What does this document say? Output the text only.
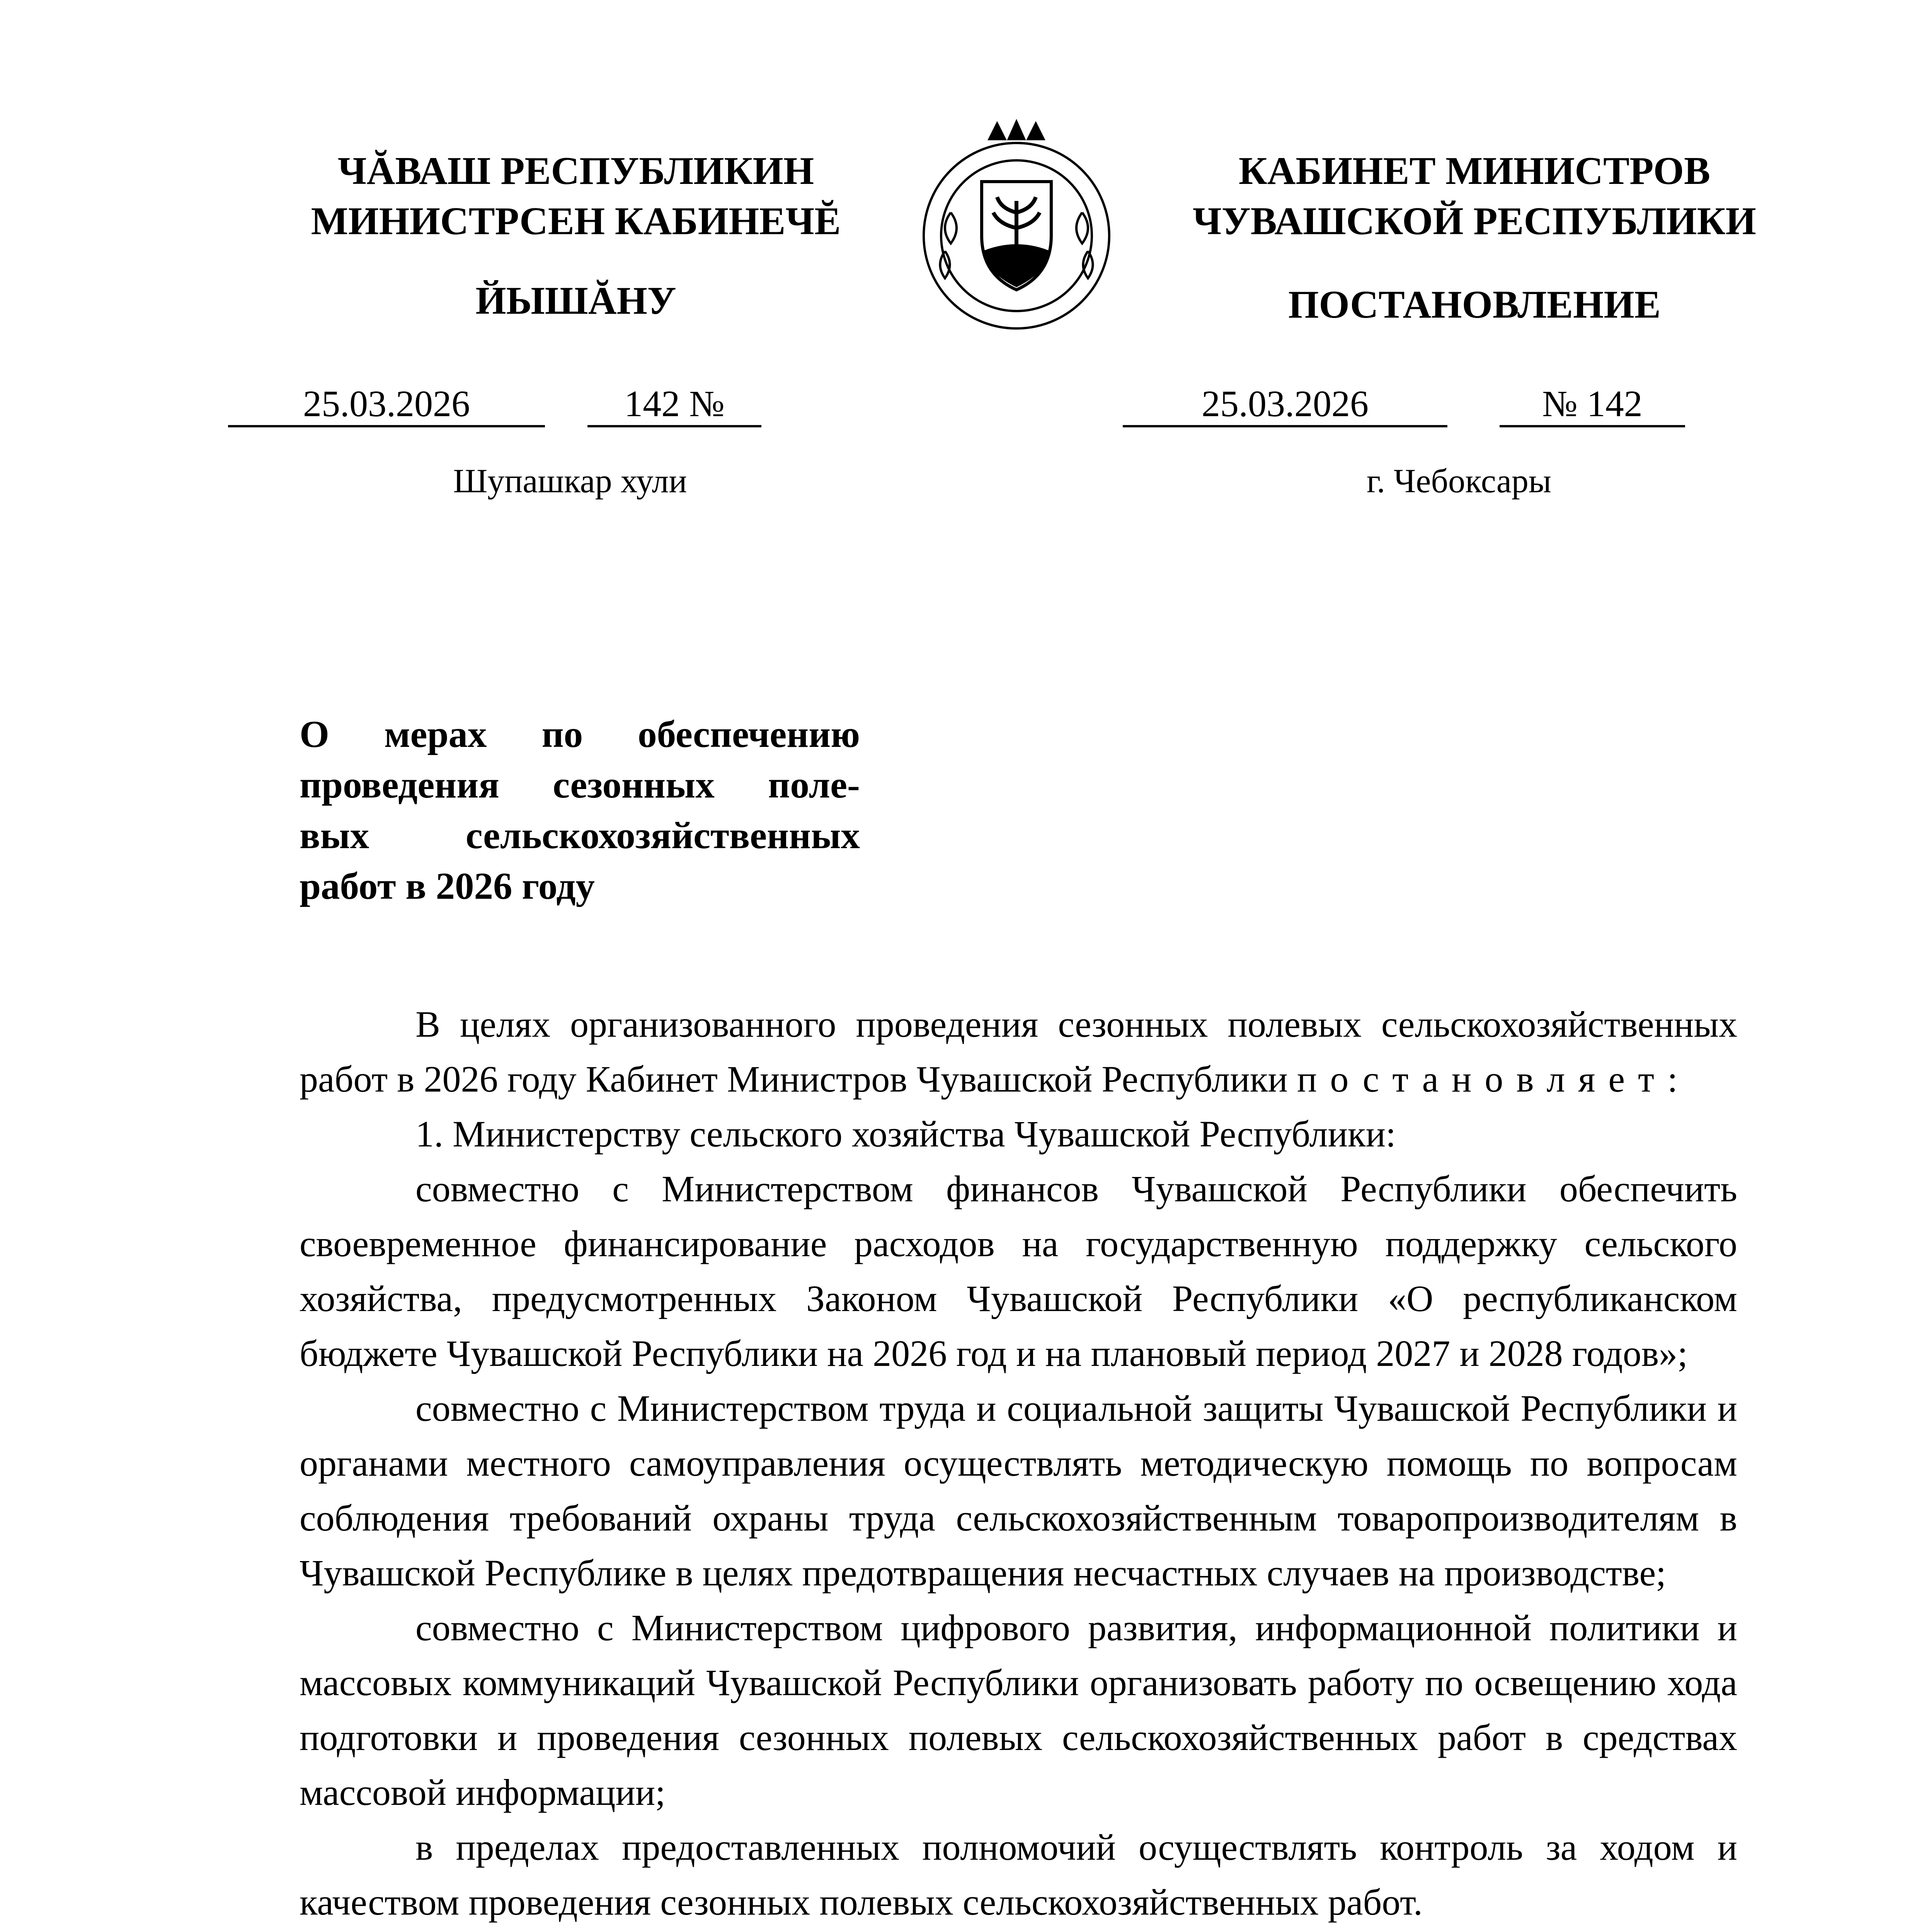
ЧĂВАШ РЕСПУБЛИКИН
МИНИСТРСЕН КАБИНЕЧĔ
ЙЫШĂНУ
КАБИНЕТ МИНИСТРОВ
ЧУВАШСКОЙ РЕСПУБЛИКИ
ПОСТАНОВЛЕНИЕ
25.03.2026	142 №	25.03.2026	№ 142
Шупашкар хули	г. Чебоксары
О мерах по обеспечению
проведения сезонных поле-
вых сельскохозяйственных
работ в 2026 году

В целях организованного проведения сезонных полевых сельскохозяйственных работ в 2026 году Кабинет Министров Чувашской Республики постановляет:

1. Министерству сельского хозяйства Чувашской Республики:

совместно с Министерством финансов Чувашской Республики обеспечить своевременное финансирование расходов на государственную поддержку сельского хозяйства, предусмотренных Законом Чувашской Республики «О республиканском бюджете Чувашской Республики на 2026 год и на плановый период 2027 и 2028 годов»;

совместно с Министерством труда и социальной защиты Чувашской Республики и органами местного самоуправления осуществлять методическую помощь по вопросам соблюдения требований охраны труда сельскохозяйственным товаропроизводителям в Чувашской Республике в целях предотвращения несчастных случаев на производстве;

совместно с Министерством цифрового развития, информационной политики и массовых коммуникаций Чувашской Республики организовать работу по освещению хода подготовки и проведения сезонных полевых сельскохозяйственных работ в средствах массовой информации;

в пределах предоставленных полномочий осуществлять контроль за ходом и качеством проведения сезонных полевых сельскохозяйственных работ.
